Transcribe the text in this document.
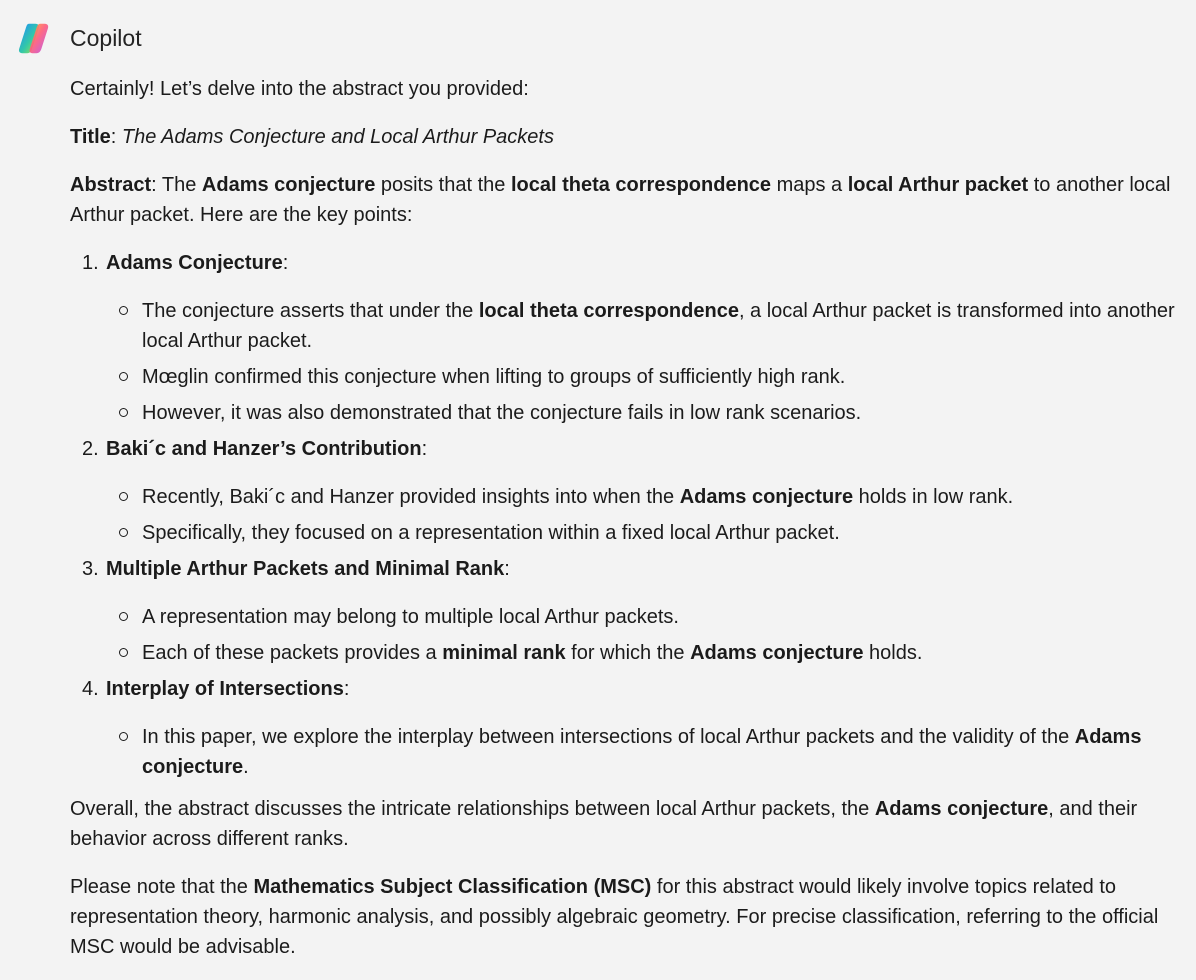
Copilot

Certainly! Let’s delve into the abstract you provided:

Title: The Adams Conjecture and Local Arthur Packets

Abstract: The Adams conjecture posits that the local theta correspondence maps a local Arthur packet to another local Arthur packet. Here are the key points:

1. Adams Conjecture:
The conjecture asserts that under the local theta correspondence, a local Arthur packet is transformed into another local Arthur packet.
Mœglin confirmed this conjecture when lifting to groups of sufficiently high rank.
However, it was also demonstrated that the conjecture fails in low rank scenarios.
2. Baki´c and Hanzer’s Contribution:
Recently, Baki´c and Hanzer provided insights into when the Adams conjecture holds in low rank.
Specifically, they focused on a representation within a fixed local Arthur packet.
3. Multiple Arthur Packets and Minimal Rank:
A representation may belong to multiple local Arthur packets.
Each of these packets provides a minimal rank for which the Adams conjecture holds.
4. Interplay of Intersections:
In this paper, we explore the interplay between intersections of local Arthur packets and the validity of the Adams conjecture.

Overall, the abstract discusses the intricate relationships between local Arthur packets, the Adams conjecture, and their behavior across different ranks.

Please note that the Mathematics Subject Classification (MSC) for this abstract would likely involve topics related to representation theory, harmonic analysis, and possibly algebraic geometry. For precise classification, referring to the official MSC would be advisable.
